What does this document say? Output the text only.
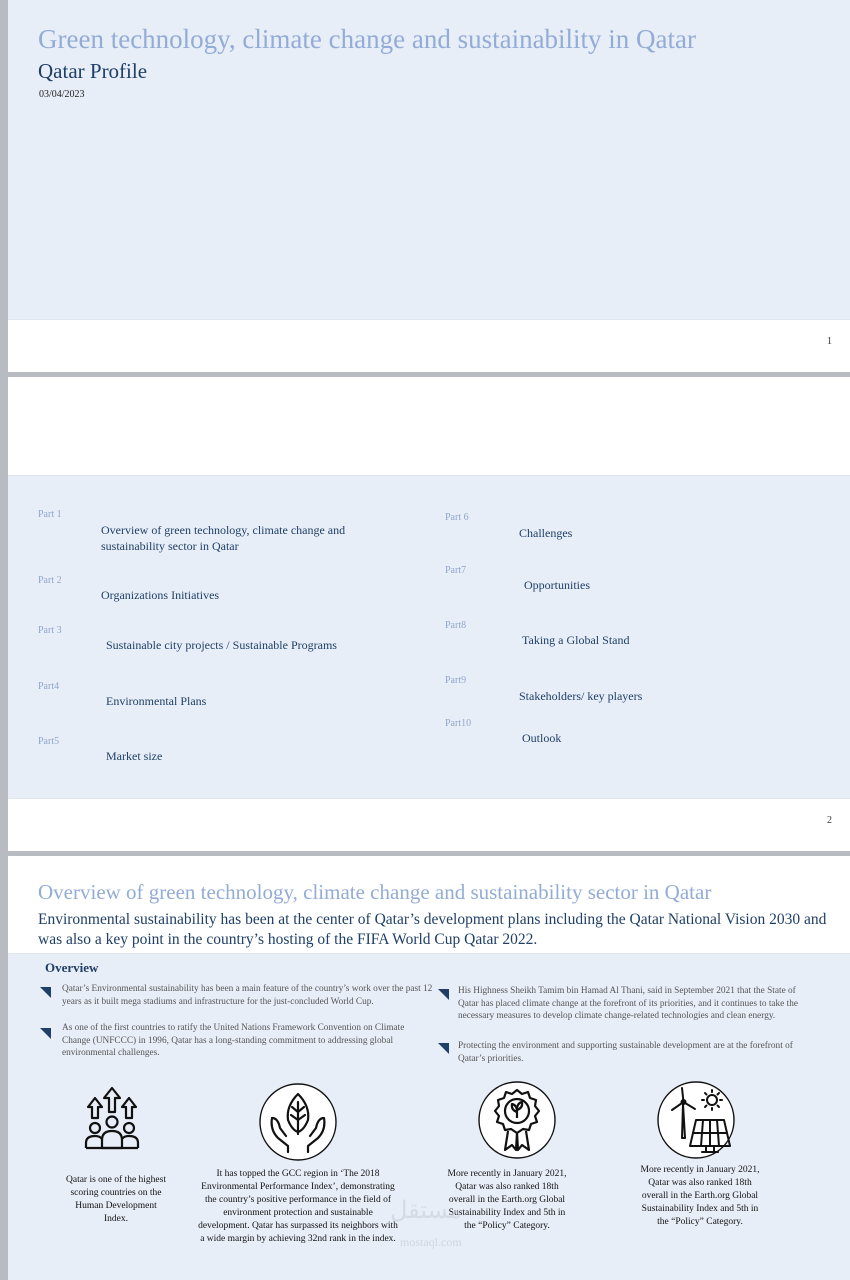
Green technology, climate change and sustainability in Qatar
Qatar Profile
03/04/2023
1
Part 1
Overview of green technology, climate change and sustainability sector in Qatar
Part 2
Organizations Initiatives
Part 3
Sustainable city projects / Sustainable Programs
Part4
Environmental Plans
Part5
Market size
Part 6
Challenges
Part7
Opportunities
Part8
Taking a Global Stand
Part9
Stakeholders/ key players
Part10
Outlook
2
Overview of green technology, climate change and sustainability sector in Qatar
Environmental sustainability has been at the center of Qatar’s development plans including the Qatar National Vision 2030 and was also a key point in the country’s hosting of the FIFA World Cup Qatar 2022.
Overview
Qatar’s Environmental sustainability has been a main feature of the country’s work over the past 12 years as it built mega stadiums and infrastructure for the just-concluded World Cup.
As one of the first countries to ratify the United Nations Framework Convention on Climate Change (UNFCCC) in 1996, Qatar has a long-standing commitment to addressing global environmental challenges.
His Highness Sheikh Tamim bin Hamad Al Thani, said in September 2021 that the State of Qatar has placed climate change at the forefront of its priorities, and it continues to take the necessary measures to develop climate change-related technologies and clean energy.
Protecting the environment and supporting sustainable development are at the forefront of Qatar’s priorities.
Qatar is one of the highest scoring countries on the Human Development Index.
It has topped the GCC region in ‘The 2018 Environmental Performance Index’, demonstrating the country’s positive performance in the field of environment protection and sustainable development. Qatar has surpassed its neighbors with a wide margin by achieving 32nd rank in the index.
More recently in January 2021, Qatar was also ranked 18th overall in the Earth.org Global Sustainability Index and 5th in the “Policy” Category.
More recently in January 2021, Qatar was also ranked 18th overall in the Earth.org Global Sustainability Index and 5th in the “Policy” Category.
مستقل
mostaql.com
